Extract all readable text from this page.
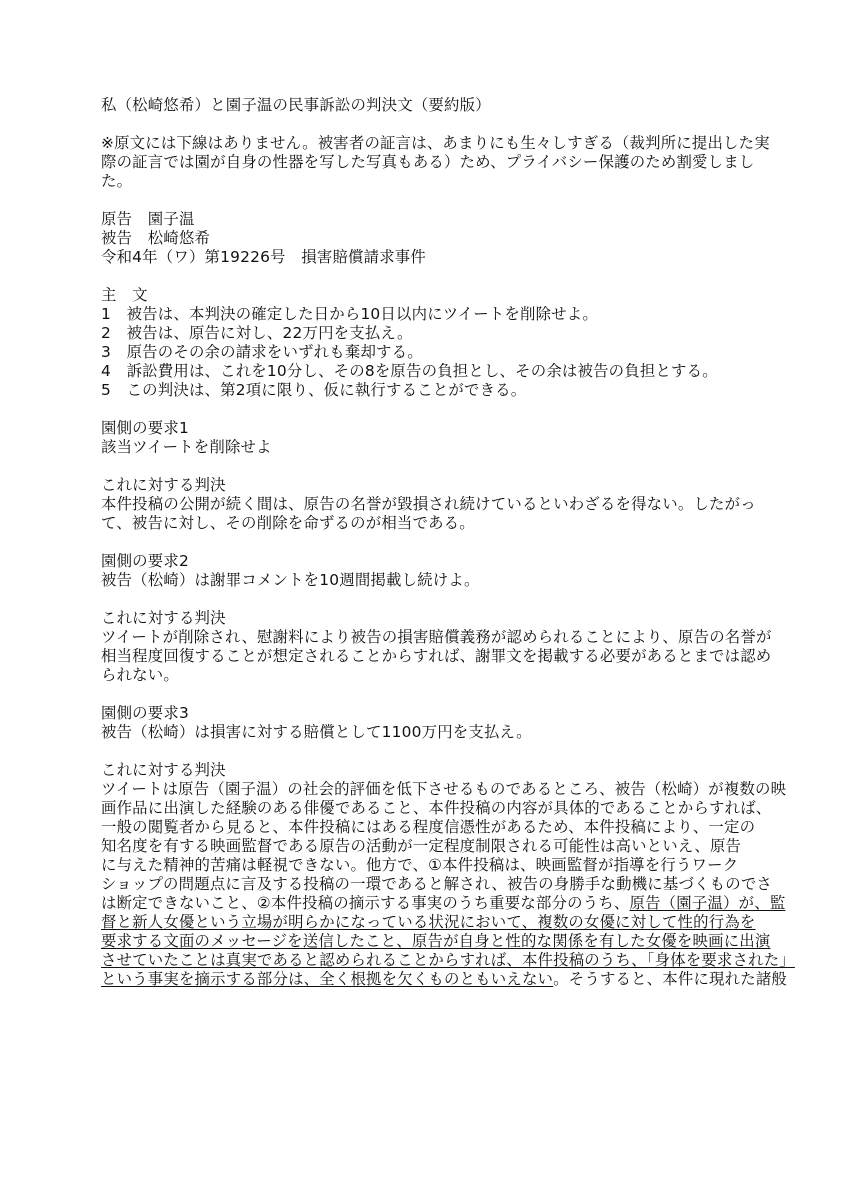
私（松崎悠希）と園子温の民事訴訟の判決文（要約版）
※原文には下線はありません。被害者の証言は、あまりにも生々しすぎる（裁判所に提出した実
際の証言では園が自身の性器を写した写真もある）ため、プライバシー保護のため割愛しまし
た。
原告　園子温
被告　松崎悠希
令和4年（ワ）第19226号　損害賠償請求事件
主　文
1　被告は、本判決の確定した日から10日以内にツイートを削除せよ。
2　被告は、原告に対し、22万円を支払え。
3　原告のその余の請求をいずれも棄却する。
4　訴訟費用は、これを10分し、その8を原告の負担とし、その余は被告の負担とする。
5　この判決は、第2項に限り、仮に執行することができる。
園側の要求1
該当ツイートを削除せよ
これに対する判決
本件投稿の公開が続く間は、原告の名誉が毀損され続けているといわざるを得ない。したがっ
て、被告に対し、その削除を命ずるのが相当である。
園側の要求2
被告（松崎）は謝罪コメントを10週間掲載し続けよ。
これに対する判決
ツイートが削除され、慰謝料により被告の損害賠償義務が認められることにより、原告の名誉が
相当程度回復することが想定されることからすれば、謝罪文を掲載する必要があるとまでは認め
られない。
園側の要求3
被告（松崎）は損害に対する賠償として1100万円を支払え。
これに対する判決
ツイートは原告（園子温）の社会的評価を低下させるものであるところ、被告（松崎）が複数の映
画作品に出演した経験のある俳優であること、本件投稿の内容が具体的であることからすれば、
一般の閲覧者から見ると、本件投稿にはある程度信憑性があるため、本件投稿により、一定の
知名度を有する映画監督である原告の活動が一定程度制限される可能性は高いといえ、原告
に与えた精神的苦痛は軽視できない。他方で、①本件投稿は、映画監督が指導を行うワーク
ショップの問題点に言及する投稿の一環であると解され、被告の身勝手な動機に基づくものでさ
は断定できないこと、②本件投稿の摘示する事実のうち重要な部分のうち、原告（園子温）が、監
督と新人女優という立場が明らかになっている状況において、複数の女優に対して性的行為を
要求する文面のメッセージを送信したこと、原告が自身と性的な関係を有した女優を映画に出演
させていたことは真実であると認められることからすれば、本件投稿のうち、「身体を要求された」
という事実を摘示する部分は、全く根拠を欠くものともいえない。そうすると、本件に現れた諸般
